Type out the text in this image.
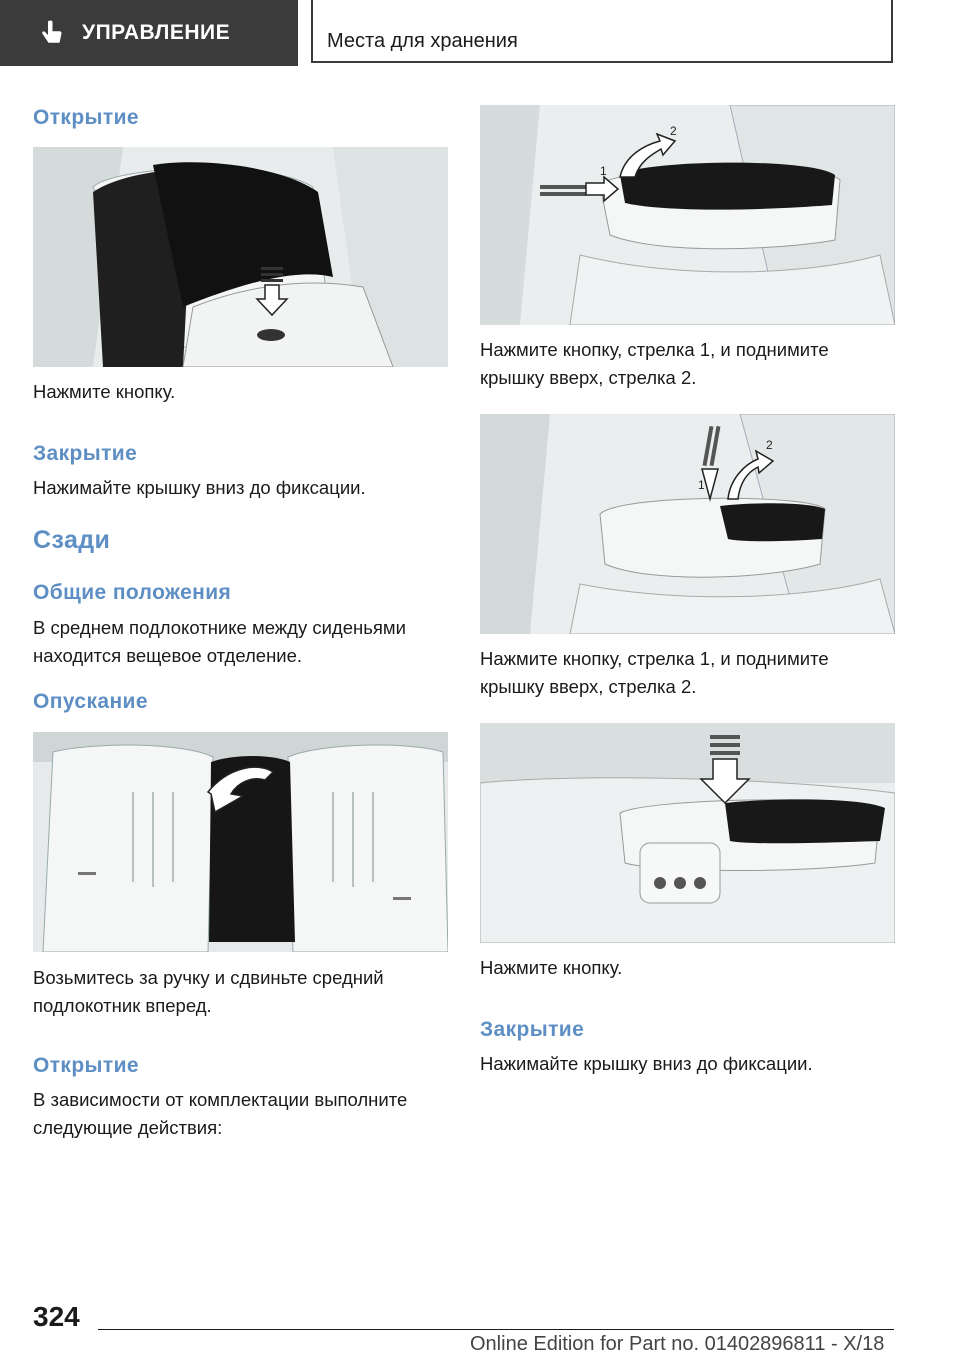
УПРАВЛЕНИЕ	Места для хранения
Открытие
Нажмите кнопку.
Закрытие
Нажимайте крышку вниз до фиксации.
Сзади
Общие положения
В среднем подлокотнике между сиденьями находится вещевое отделение.
Опускание
Возьмитесь за ручку и сдвиньте средний подлокотник вперед.
Открытие
В зависимости от комплектации выполните следующие действия:
1
2
Нажмите кнопку, стрелка 1, и поднимите крышку вверх, стрелка 2.
1
2
Нажмите кнопку, стрелка 1, и поднимите крышку вверх, стрелка 2.
Нажмите кнопку.
Закрытие
Нажимайте крышку вниз до фиксации.
324
Online Edition for Part no. 01402896811 - X/18
